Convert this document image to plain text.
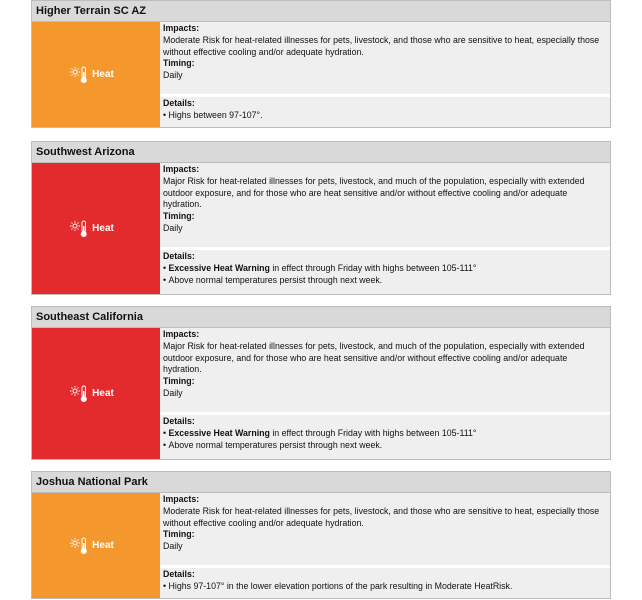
Higher Terrain SC AZ
Heat
Impacts:
Moderate Risk for heat-related illnesses for pets, livestock, and those who are sensitive to heat, especially those without effective cooling and/or adequate hydration.
Timing:
Daily
Details:
• Highs between 97-107°.
Southwest Arizona
Heat
Impacts:
Major Risk for heat-related illnesses for pets, livestock, and much of the population, especially with extended outdoor exposure, and for those who are heat sensitive and/or without effective cooling and/or adequate hydration.
Timing:
Daily
Details:
• Excessive Heat Warning in effect through Friday with highs between 105-111°
• Above normal temperatures persist through next week.
Southeast California
Heat
Impacts:
Major Risk for heat-related illnesses for pets, livestock, and much of the population, especially with extended outdoor exposure, and for those who are heat sensitive and/or without effective cooling and/or adequate hydration.
Timing:
Daily
Details:
• Excessive Heat Warning in effect through Friday with highs between 105-111°
• Above normal temperatures persist through next week.
Joshua National Park
Heat
Impacts:
Moderate Risk for heat-related illnesses for pets, livestock, and those who are sensitive to heat, especially those without effective cooling and/or adequate hydration.
Timing:
Daily
Details:
• Highs 97-107° in the lower elevation portions of the park resulting in Moderate HeatRisk.
